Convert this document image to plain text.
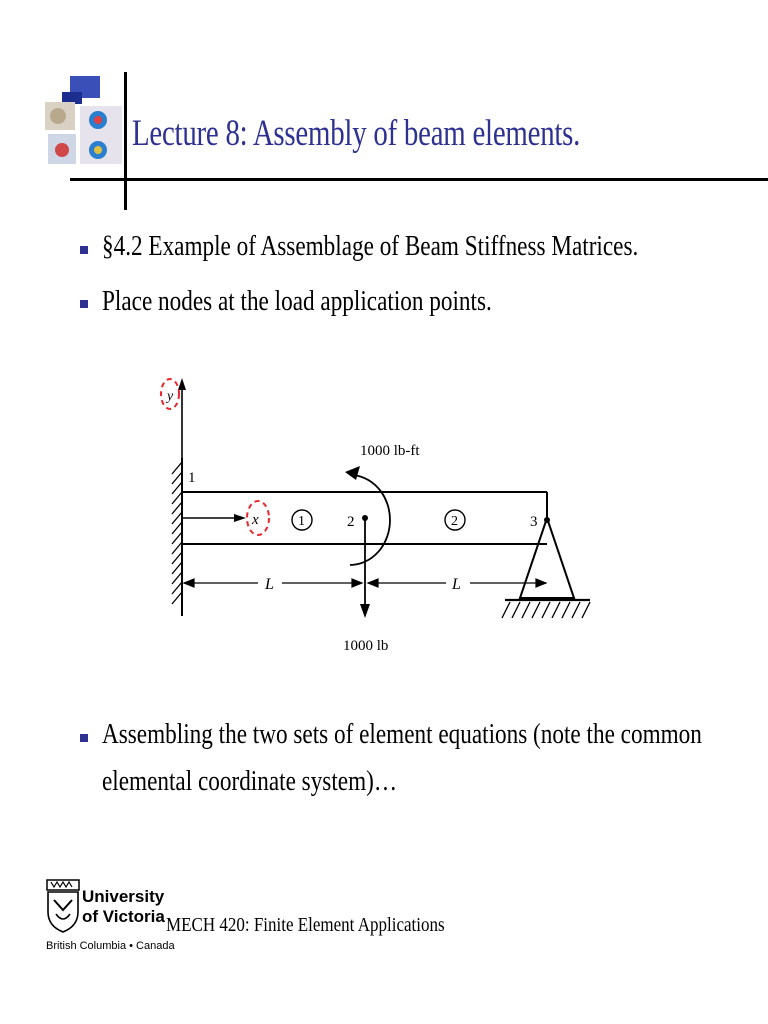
Lecture 8: Assembly of beam elements.
§4.2 Example of Assemblage of Beam Stiffness Matrices.
Place nodes at the load application points.
y
1
2	3
x	1	2
1000 lb-ft
1000 lb
L	L
Assembling the two sets of element equations (note the common
elemental coordinate system)…
University
of Victoria
British Columbia • Canada
MECH 420: Finite Element Applications
